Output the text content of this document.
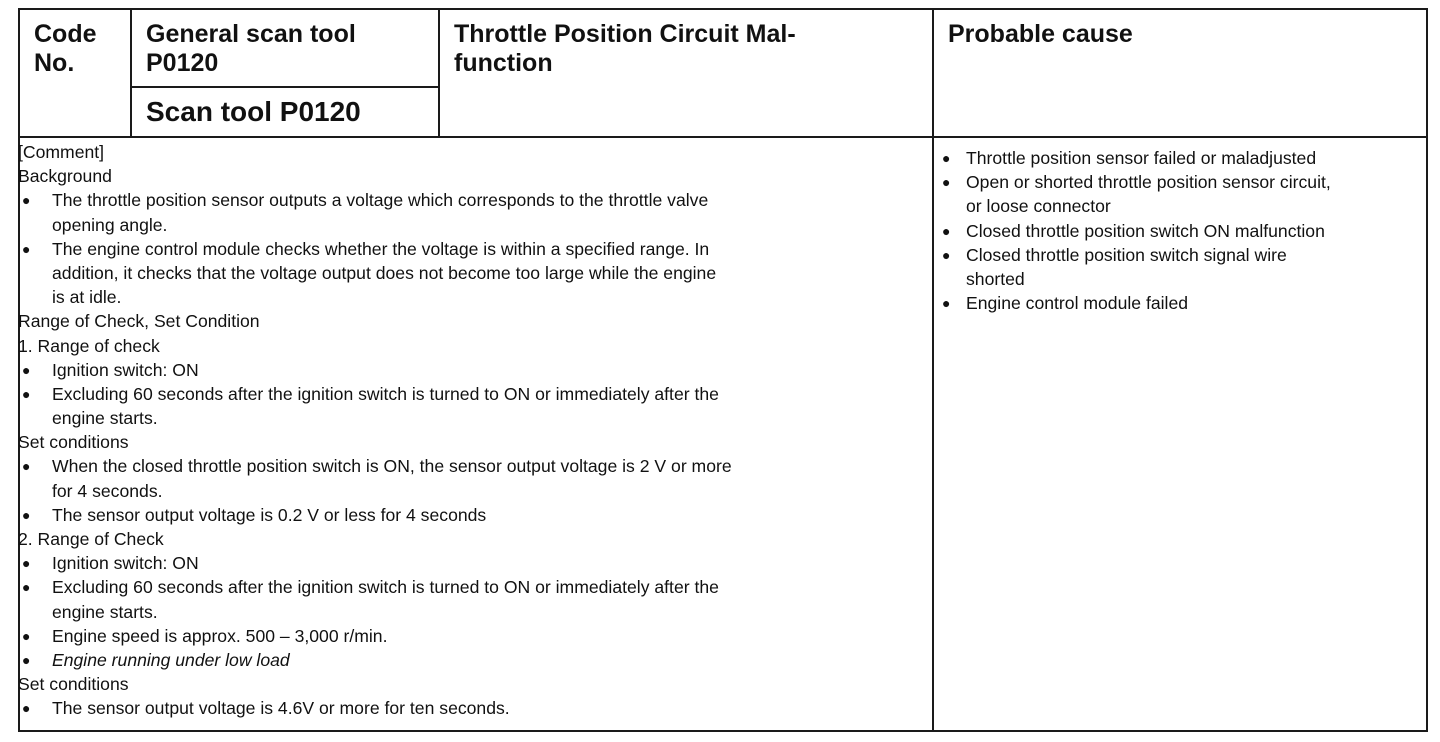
Code
No.
General scan tool
P0120
Scan tool P0120
Throttle Position Circuit Mal-
function
Probable cause
[Comment]
Background
● The throttle position sensor outputs a voltage which corresponds to the throttle valve
opening angle.
● The engine control module checks whether the voltage is within a specified range. In
addition, it checks that the voltage output does not become too large while the engine
is at idle.
Range of Check, Set Condition
1. Range of check
● Ignition switch: ON
● Excluding 60 seconds after the ignition switch is turned to ON or immediately after the
engine starts.
Set conditions
● When the closed throttle position switch is ON, the sensor output voltage is 2 V or more
for 4 seconds.
● The sensor output voltage is 0.2 V or less for 4 seconds
2. Range of Check
● Ignition switch: ON
● Excluding 60 seconds after the ignition switch is turned to ON or immediately after the
engine starts.
● Engine speed is approx. 500 – 3,000 r/min.
● Engine running under low load
Set conditions
● The sensor output voltage is 4.6V or more for ten seconds.
● Throttle position sensor failed or maladjusted
● Open or shorted throttle position sensor circuit,
or loose connector
● Closed throttle position switch ON malfunction
● Closed throttle position switch signal wire
shorted
● Engine control module failed
